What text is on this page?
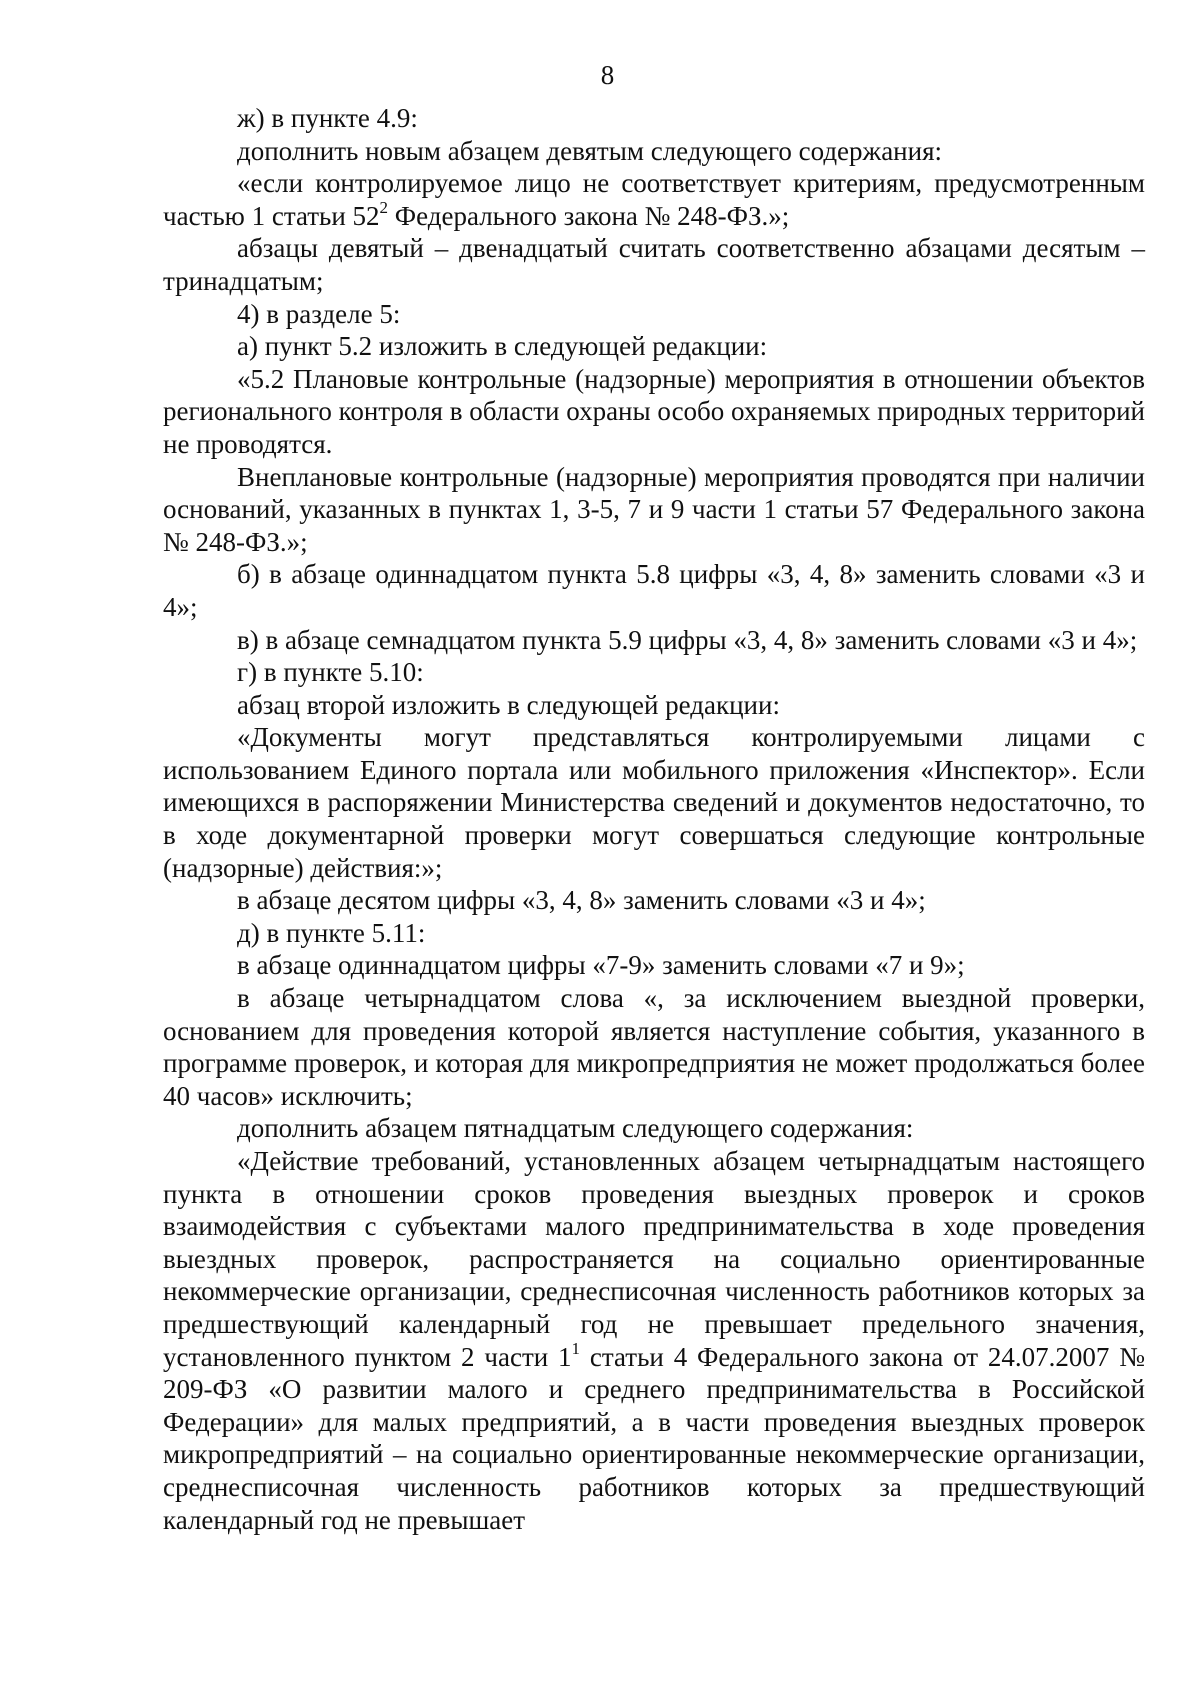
8

ж) в пункте 4.9:

дополнить новым абзацем девятым следующего содержания:

«если контролируемое лицо не соответствует критериям, предусмотренным частью 1 статьи $52^2$ Федерального закона № 248-ФЗ.»;

абзацы девятый – двенадцатый считать соответственно абзацами десятым – тринадцатым;

4) в разделе 5:

а) пункт 5.2 изложить в следующей редакции:

«5.2 Плановые контрольные (надзорные) мероприятия в отношении объектов регионального контроля в области охраны особо охраняемых природных территорий не проводятся.

Внеплановые контрольные (надзорные) мероприятия проводятся при наличии оснований, указанных в пунктах 1, 3-5, 7 и 9 части 1 статьи 57 Федерального закона № 248-ФЗ.»;

б) в абзаце одиннадцатом пункта 5.8 цифры «3, 4, 8» заменить словами «3 и 4»;

в) в абзаце семнадцатом пункта 5.9 цифры «3, 4, 8» заменить словами «3 и 4»;

г) в пункте 5.10:

абзац второй изложить в следующей редакции:

«Документы могут представляться контролируемыми лицами с использованием Единого портала или мобильного приложения «Инспектор». Если имеющихся в распоряжении Министерства сведений и документов недостаточно, то в ходе документарной проверки могут совершаться следующие контрольные (надзорные) действия:»;

в абзаце десятом цифры «3, 4, 8» заменить словами «3 и 4»;

д) в пункте 5.11:

в абзаце одиннадцатом цифры «7-9» заменить словами «7 и 9»;

в абзаце четырнадцатом слова «, за исключением выездной проверки, основанием для проведения которой является наступление события, указанного в программе проверок, и которая для микропредприятия не может продолжаться более 40 часов» исключить;

дополнить абзацем пятнадцатым следующего содержания:

«Действие требований, установленных абзацем четырнадцатым настоящего пункта в отношении сроков проведения выездных проверок и сроков взаимодействия с субъектами малого предпринимательства в ходе проведения выездных проверок, распространяется на социально ориентированные некоммерческие организации, среднесписочная численность работников которых за предшествующий календарный год не превышает предельного значения, установленного пунктом 2 части $1^1$ статьи 4 Федерального закона от 24.07.2007 № 209-ФЗ «О развитии малого и среднего предпринимательства в Российской Федерации» для малых предприятий, а в части проведения выездных проверок микропредприятий – на социально ориентированные некоммерческие организации, среднесписочная численность работников которых за предшествующий календарный год не превышает
